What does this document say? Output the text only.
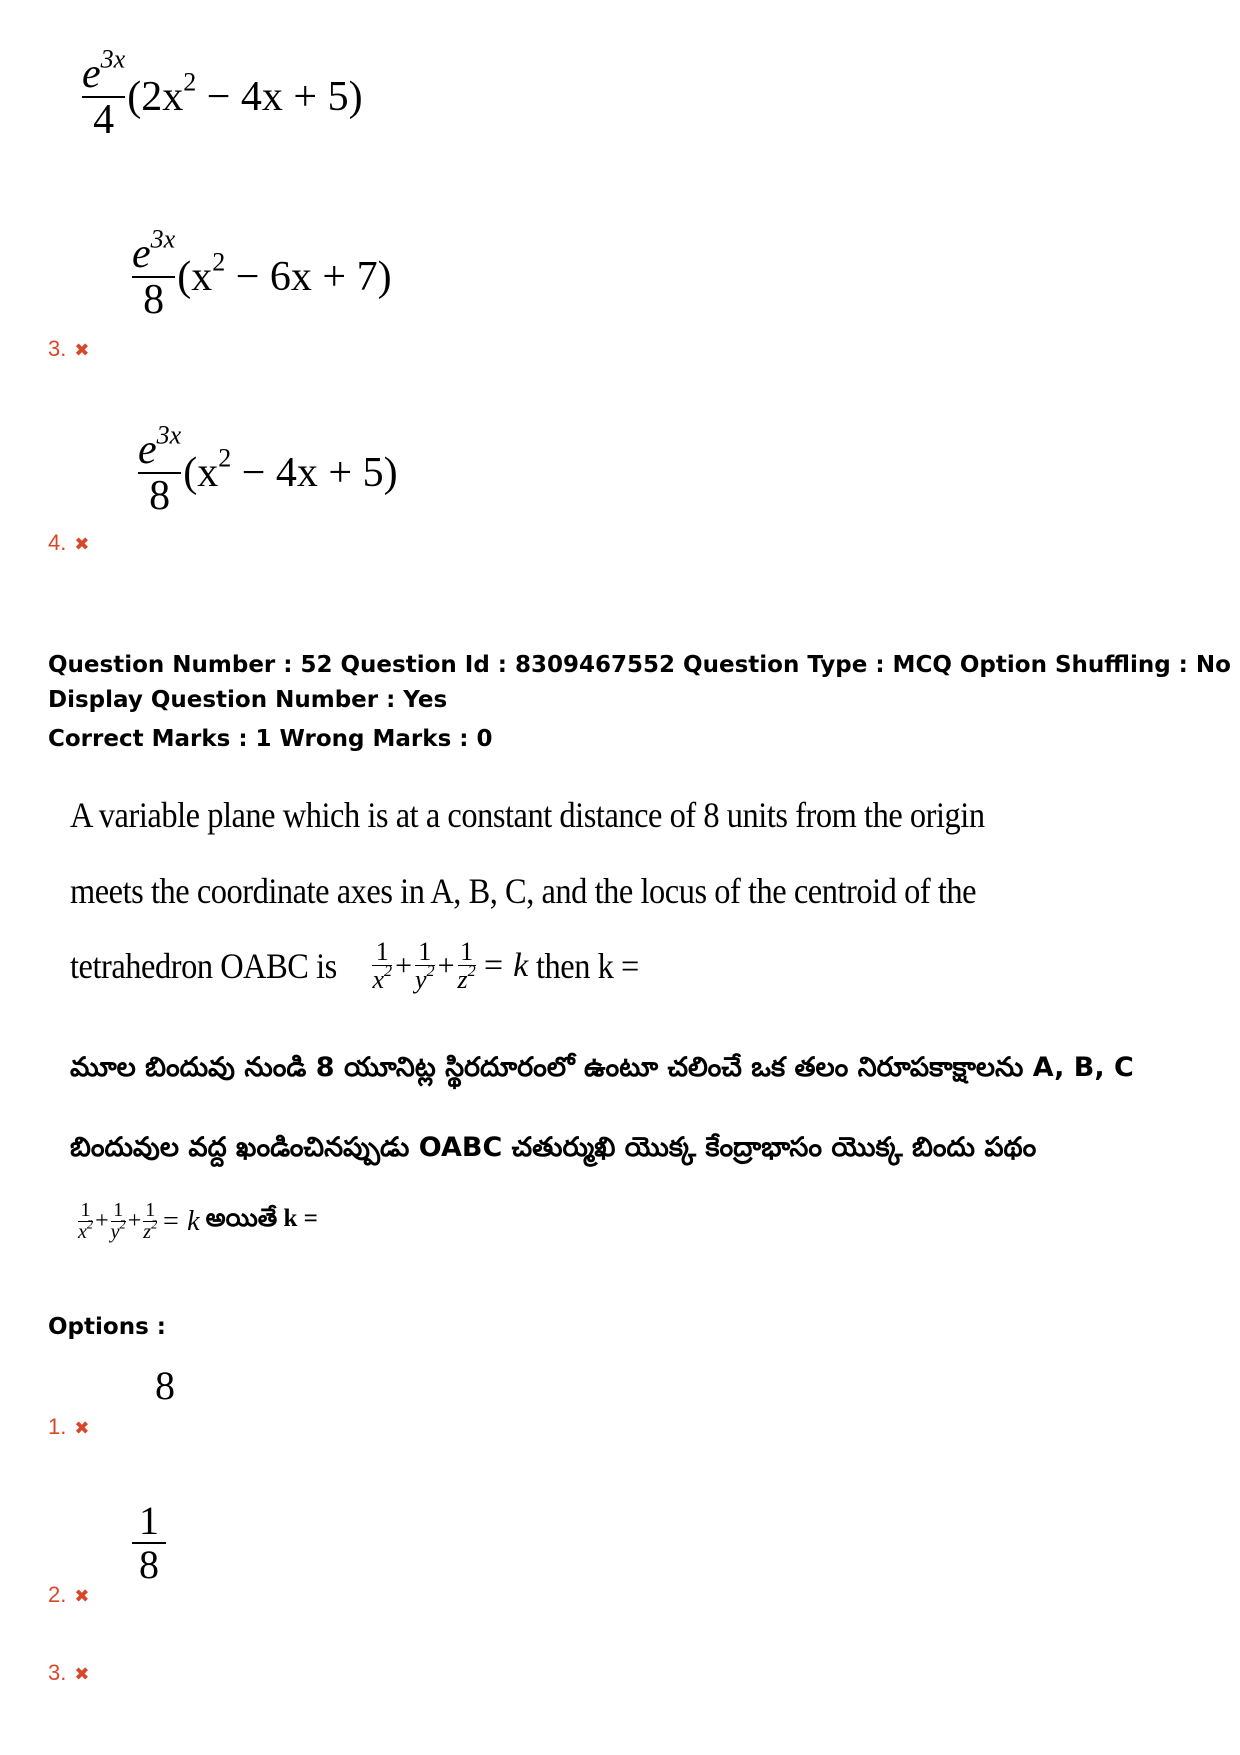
$\frac{e^{3x}}{4} (2x^2 - 4x + 5)$
$\frac{e^{3x}}{8} (x^2 - 6x + 7)$
3. ✖
$\frac{e^{3x}}{8} (x^2 - 4x + 5)$
4. ✖
Question Number : 52 Question Id : 8309467552 Question Type : MCQ Option Shuffling : No
Display Question Number : Yes
Correct Marks : 1 Wrong Marks : 0
A variable plane which is at a constant distance of 8 units from the origin
meets the coordinate axes in A, B, C, and the locus of the centroid of the
tetrahedron OABC is $\frac{1}{x^2} + \frac{1}{y^2} + \frac{1}{z^2} = k$ then k =
మూల బిందువు నుండి 8 యూనిట్ల స్థిరదూరంలో ఉంటూ చలించే ఒక తలం నిరూపకాక్షాలను A, B, C
బిందువుల వద్ద ఖండించినప్పుడు OABC చతుర్ముఖి యొక్క కేంద్రాభాసం యొక్క బిందు పథం
$\frac{1}{x^2} + \frac{1}{y^2} + \frac{1}{z^2} = k$ అయితే k =
Options :
8
1. ✖
$\frac{1}{8}$
2. ✖
3. ✖
